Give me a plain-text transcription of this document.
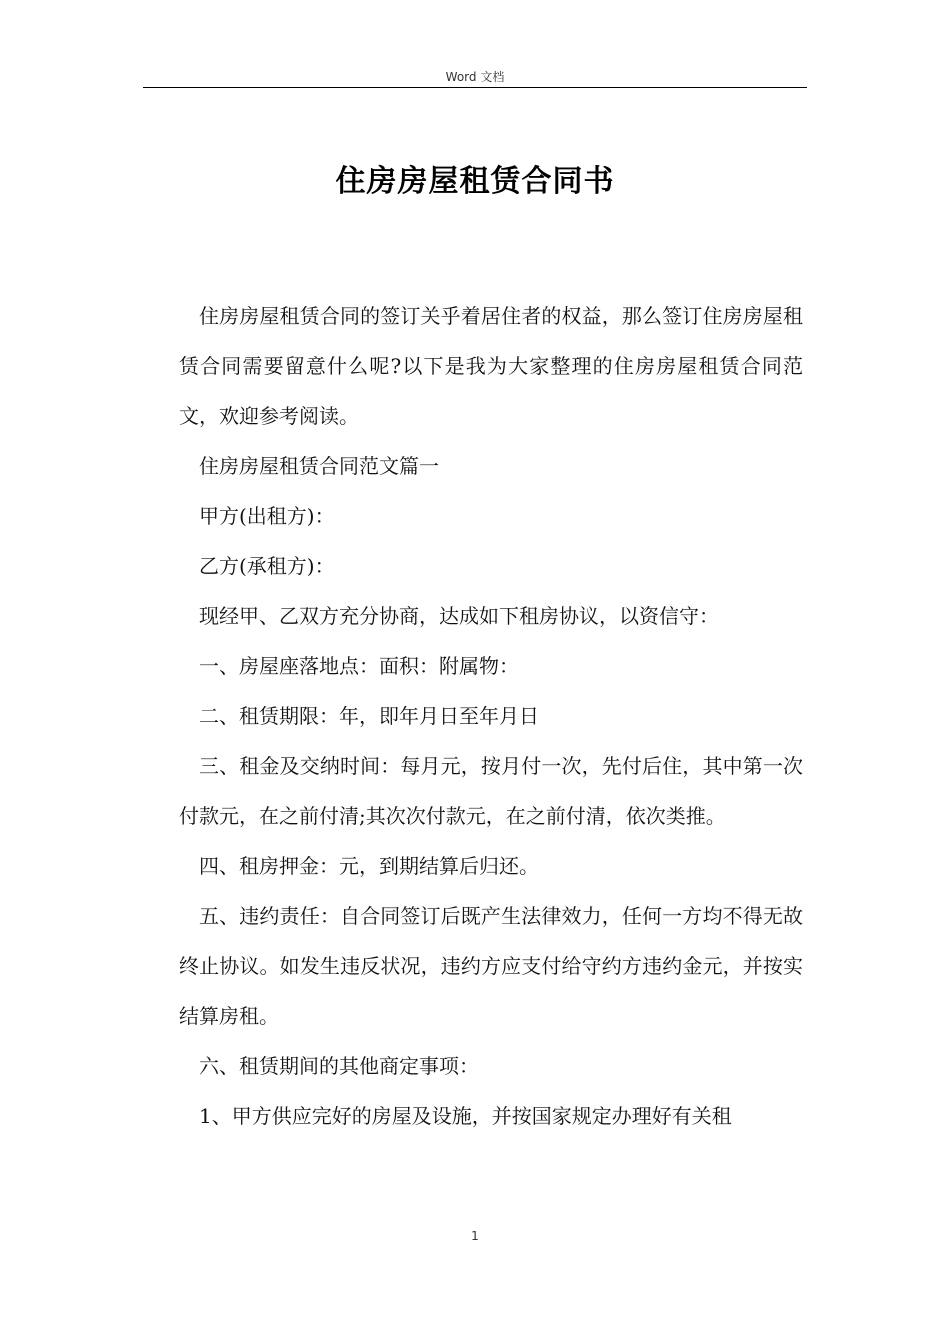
Word 文档
住房房屋租赁合同书

住房房屋租赁合同的签订关乎着居住者的权益，那么签订住房房屋租赁合同需要留意什么呢?以下是我为大家整理的住房房屋租赁合同范文，欢迎参考阅读。

住房房屋租赁合同范文篇一

甲方(出租方)：

乙方(承租方)：

现经甲、乙双方充分协商，达成如下租房协议，以资信守：

一、房屋座落地点：面积：附属物：

二、租赁期限：年，即年月日至年月日

三、租金及交纳时间：每月元，按月付一次，先付后住，其中第一次付款元，在之前付清;其次次付款元，在之前付清，依次类推。

四、租房押金：元，到期结算后归还。

五、违约责任：自合同签订后既产生法律效力，任何一方均不得无故终止协议。如发生违反状况，违约方应支付给守约方违约金元，并按实结算房租。

六、租赁期间的其他商定事项：

1、甲方供应完好的房屋及设施，并按国家规定办理好有关租

1
